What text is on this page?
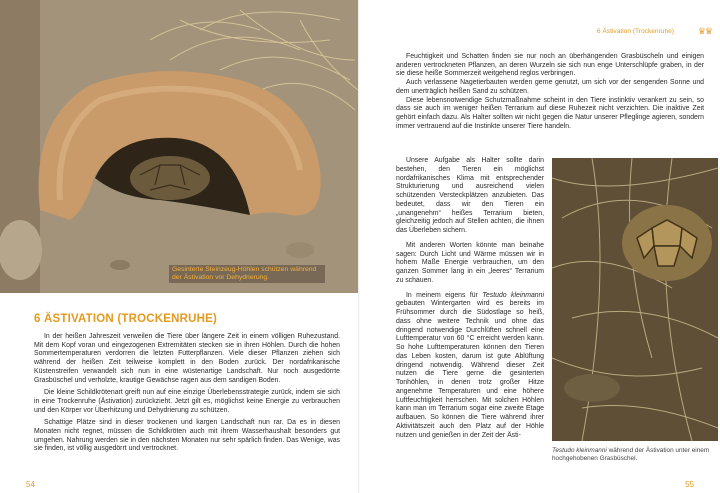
Gesinterte Steinzeug-Höhlen schützen während der Ästivation vor Dehydrierung.
6 ÄSTIVATION (TROCKENRUHE)

In der heißen Jahreszeit verweilen die Tiere über längere Zeit in einem völligen Ruhezustand. Mit dem Kopf voran und eingezogenen Extremitäten stecken sie in ihren Höhlen. Durch die hohen Sommertemperaturen verdorren die letzten Futterpflanzen. Viele dieser Pflanzen ziehen sich während der heißen Zeit teilweise komplett in den Boden zurück. Der nordafrikanische Küstenstreifen verwandelt sich nun in eine wüstenartige Landschaft. Nur noch ausgedörrte Grasbüschel und verholzte, krautige Gewächse ragen aus dem sandigen Boden.

Die kleine Schildkrötenart greift nun auf eine einzige Überlebensstrategie zurück, indem sie sich in eine Trockenruhe (Ästivation) zurückzieht. Jetzt gilt es, möglichst keine Energie zu verbrauchen und den Körper vor Überhitzung und Dehydrierung zu schützen.

Schattige Plätze sind in dieser trockenen und kargen Landschaft nun rar. Da es in diesen Monaten nicht regnet, müssen die Schildkröten auch mit ihrem Wasserhaushalt besonders gut umgehen. Nahrung werden sie in den nächsten Monaten nur sehr spärlich finden. Das Wenige, was sie finden, ist völlig ausgedörrt und vertrocknet.

54
6 Ästivation (Trockenruhe)	♛♛

Feuchtigkeit und Schatten finden sie nur noch an überhängenden Grasbüscheln und einigen anderen vertrockneten Pflanzen, an deren Wurzeln sie sich nun enge Unterschlüpfe graben, in der sie diese heiße Sommerzeit weitgehend reglos verbringen.

Auch verlassene Nagetierbauten werden gerne genutzt, um sich vor der sengenden Sonne und dem unerträglich heißen Sand zu schützen.

Diese lebensnotwendige Schutzmaßnahme scheint in den Tiere instinktiv verankert zu sein, so dass sie auch im weniger heißen Terrarium auf diese Ruhezeit nicht verzichten. Die inaktive Zeit gehört einfach dazu. Als Halter sollten wir nicht gegen die Natur unserer Pfleglinge agieren, sondern immer vertrauend auf die Instinkte unserer Tiere handeln.

Unsere Aufgabe als Halter sollte darin bestehen, den Tieren ein möglichst nordafrikanisches Klima mit entsprechender Strukturierung und ausreichend vielen schützenden Versteckplätzen anzubieten. Das bedeutet, dass wir den Tieren ein „unangenehm“ heißes Terrarium bieten, gleichzeitig jedoch auf Stellen achten, die ihnen das Überleben sichern.

Mit anderen Worten könnte man beinahe sagen: Durch Licht und Wärme müssen wir in hohem Maße Energie verbrauchen, um den ganzen Sommer lang in ein „leeres“ Terrarium zu schauen.

In meinem eigens für Testudo kleinmanni gebauten Wintergarten wird es bereits im Frühsommer durch die Südostlage so heiß, dass ohne weitere Technik und ohne das dringend notwendige Durchlüften schnell eine Lufttemperatur von 60 °C erreicht werden kann. So hohe Lufttemperaturen können den Tieren das Leben kosten, darum ist gute Ablüftung dringend notwendig. Während dieser Zeit nutzen die Tiere gerne die gesinterten Tonhöhlen, in denen trotz großer Hitze angenehme Temperaturen und eine höhere Luftfeuchtigkeit herrschen. Mit solchen Höhlen kann man im Terrarium sogar eine zweite Etage aufbauen. So können die Tiere während ihrer Aktivitätszeit auch den Platz auf der Höhle nutzen und genießen in der Zeit der Ästi-

Testudo kleinmanni während der Ästivation unter einem hochgehobenen Grasbüschel.
55
